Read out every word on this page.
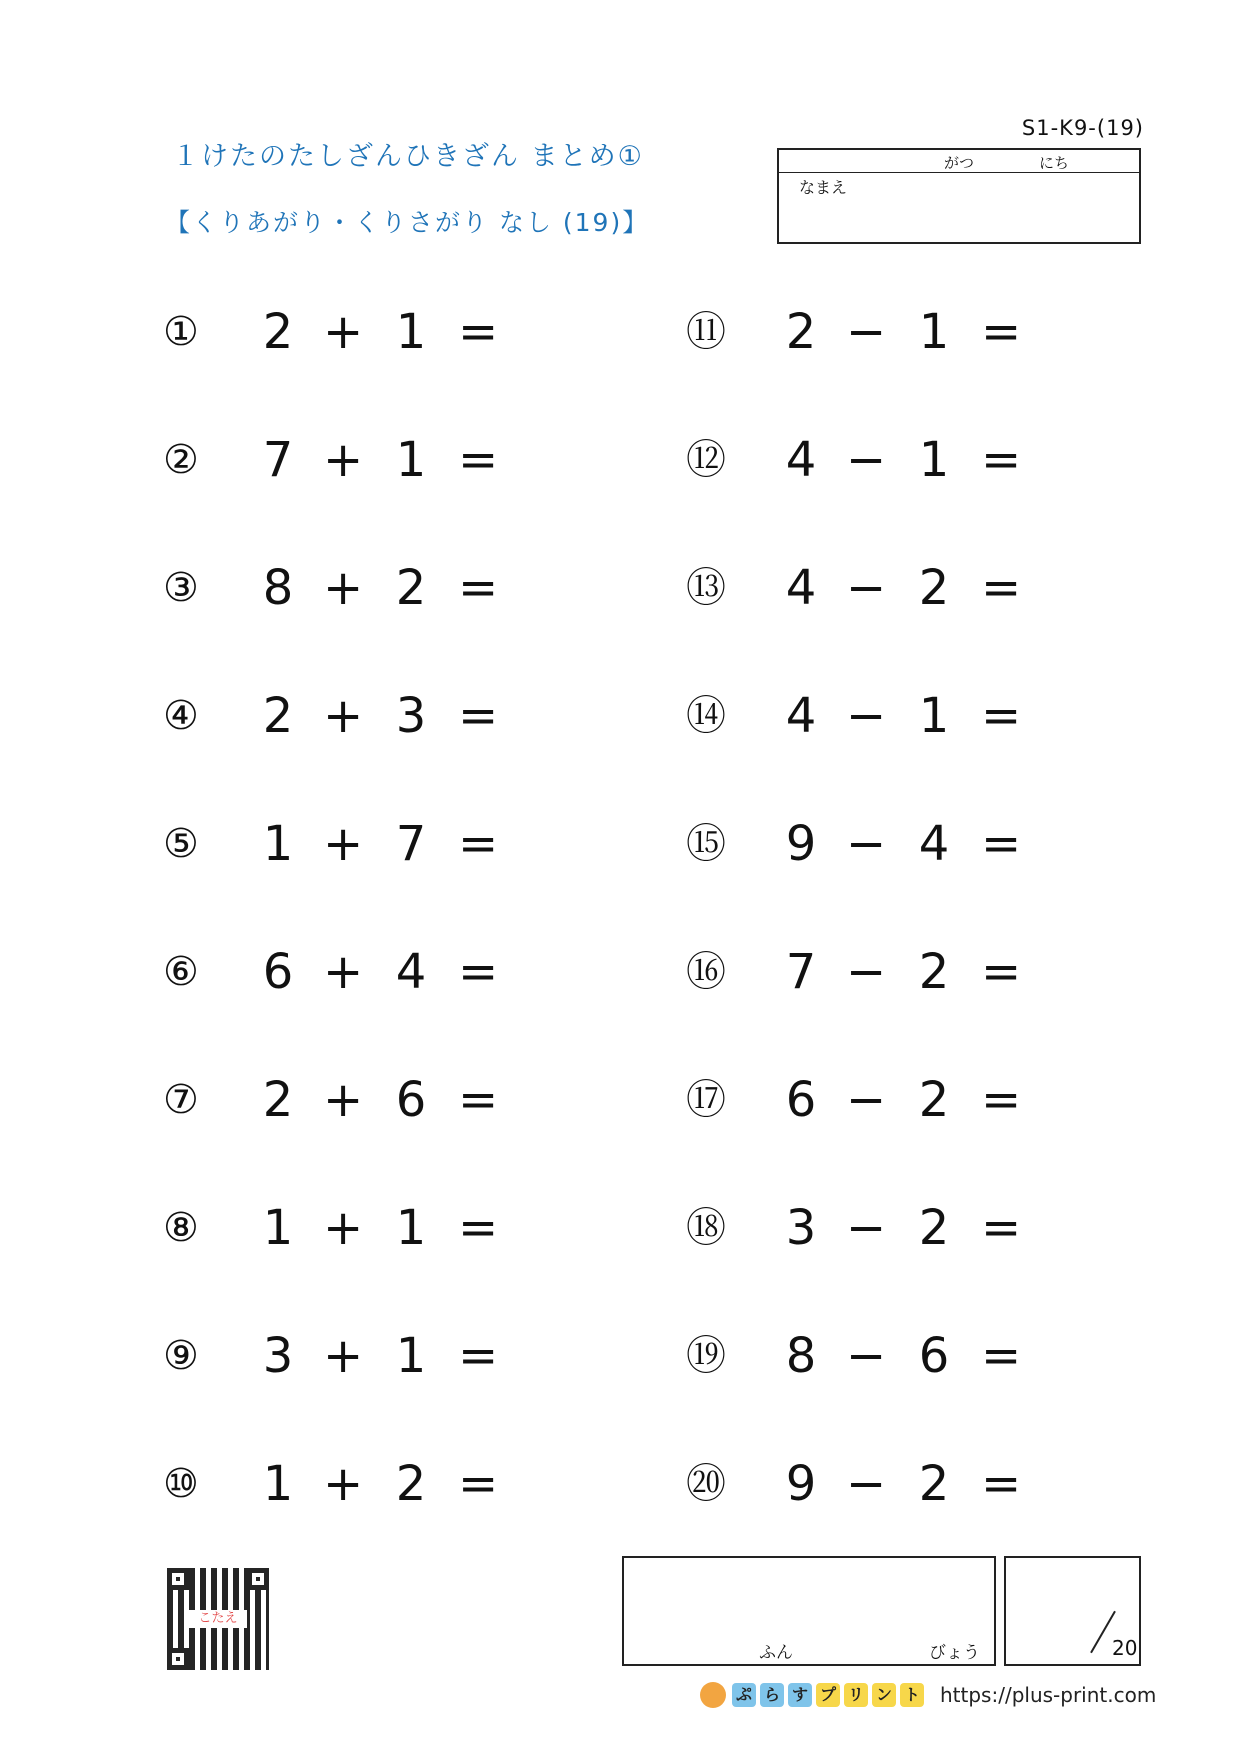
S1-K9-(19)
１けたのたしざんひきざん まとめ①
【くりあがり・くりさがり なし (19)】
がつ	にち
なまえ
① 2 + 1 =
② 7 + 1 =
③ 8 + 2 =
④ 2 + 3 =
⑤ 1 + 7 =
⑥ 6 + 4 =
⑦ 2 + 6 =
⑧ 1 + 1 =
⑨ 3 + 1 =
⑩ 1 + 2 =
⑪ 2 − 1 =
⑫ 4 − 1 =
⑬ 4 − 2 =
⑭ 4 − 1 =
⑮ 9 − 4 =
⑯ 7 − 2 =
⑰ 6 − 2 =
⑱ 3 − 2 =
⑲ 8 − 6 =
⑳ 9 − 2 =
こたえ
ふん	びょう	20
ぷ ら す プ リ ン ト	https://plus-print.com
